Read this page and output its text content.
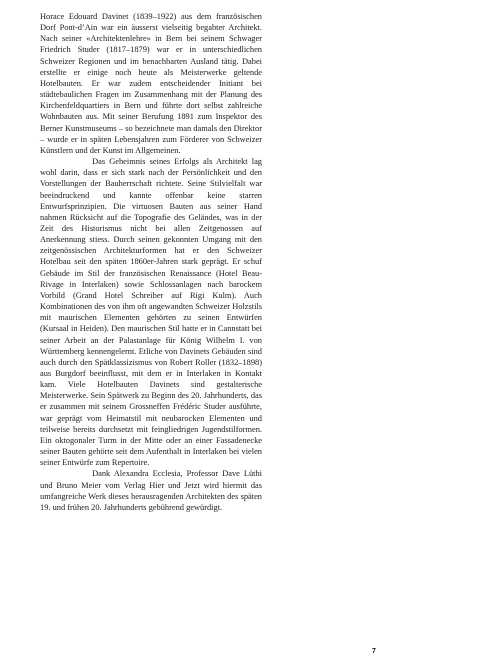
Horace Edouard Davinet (1839–1922) aus dem französischen Dorf Pont-d’Ain war ein äusserst vielseitig begabter Architekt. Nach seiner «Architektenlehre» in Bern bei seinem Schwager Friedrich Studer (1817–1879) war er in unterschiedlichen Schweizer Regionen und im benachbarten Ausland tätig. Dabei erstellte er einige noch heute als Meisterwerke geltende Hotelbauten. Er war zudem entscheidender Initiant bei städtebaulichen Fragen im Zusammenhang mit der Planung des Kirchenfeldquartiers in Bern und führte dort selbst zahlreiche Wohnbauten aus. Mit seiner Berufung 1891 zum Inspektor des Berner Kunstmuseums – so bezeichnete man damals den Direktor – wurde er in späten Lebensjahren zum Förderer von Schweizer Künstlern und der Kunst im Allgemeinen.

Das Geheimnis seines Erfolgs als Architekt lag wohl darin, dass er sich stark nach der Persönlichkeit und den Vorstellungen der Bauherrschaft richtete. Seine Stilvielfalt war beeindruckend und kannte offenbar keine starren Entwurfsprinzipien. Die virtuosen Bauten aus seiner Hand nahmen Rücksicht auf die Topografie des Geländes, was in der Zeit des Historismus nicht bei allen Zeitgenossen auf Anerkennung stiess. Durch seinen gekonnten Umgang mit den zeitgenössischen Architekturformen hat er den Schweizer Hotelbau seit den späten 1860er-Jahren stark geprägt. Er schuf Gebäude im Stil der französischen Renaissance (Hotel Beau-Rivage in Interlaken) sowie Schlossanlagen nach barockem Vorbild (Grand Hotel Schreiber auf Rigi Kulm). Auch Kombinationen des von ihm oft angewandten Schweizer Holzstils mit maurischen Elementen gehörten zu seinen Entwürfen (Kursaal in Heiden). Den maurischen Stil hatte er in Cannstatt bei seiner Arbeit an der Palastanlage für König Wilhelm I. von Württemberg kennengelernt. Etliche von Davinets Gebäuden sind auch durch den Spätklassizismus von Robert Roller (1832–1898) aus Burgdorf beeinflusst, mit dem er in Interlaken in Kontakt kam. Viele Hotelbauten Davinets sind gestalterische Meisterwerke. Sein Spätwerk zu Beginn des 20. Jahrhunderts, das er zusammen mit seinem Grossneffen Frédéric Studer ausführte, war geprägt vom Heimatstil mit neubarocken Elementen und teilweise bereits durchsetzt mit feingliedrigen Jugendstilformen. Ein oktogonaler Turm in der Mitte oder an einer Fassadenecke seiner Bauten gehörte seit dem Aufenthalt in Interlaken bei vielen seiner Entwürfe zum Repertoire.

Dank Alexandra Ecclesia, Professor Dave Lüthi und Bruno Meier vom Verlag Hier und Jetzt wird hiermit das umfangreiche Werk dieses herausragenden Architekten des späten 19. und frühen 20. Jahrhunderts gebührend gewürdigt.

7
